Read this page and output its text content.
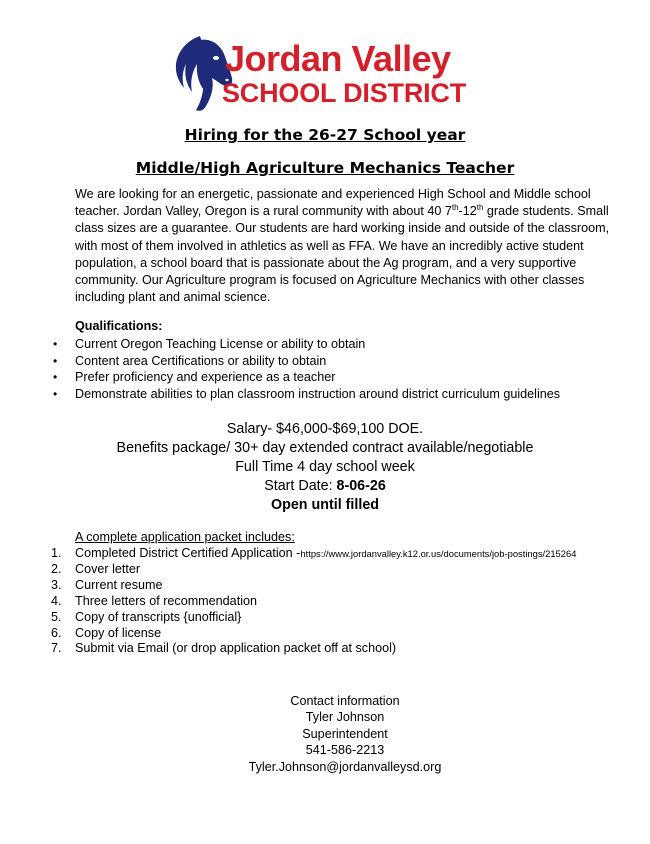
Jordan Valley
SCHOOL DISTRICT
Hiring for the 26-27 School year
Middle/High Agriculture Mechanics Teacher
We are looking for an energetic, passionate and experienced High School and Middle school teacher. Jordan Valley, Oregon is a rural community with about 40 7th-12th grade students. Small class sizes are a guarantee. Our students are hard working inside and outside of the classroom, with most of them involved in athletics as well as FFA. We have an incredibly active student population, a school board that is passionate about the Ag program, and a very supportive community. Our Agriculture program is focused on Agriculture Mechanics with other classes including plant and animal science.
Qualifications:
• Current Oregon Teaching License or ability to obtain
• Content area Certifications or ability to obtain
• Prefer proficiency and experience as a teacher
• Demonstrate abilities to plan classroom instruction around district curriculum guidelines
Salary- $46,000-$69,100 DOE.
Benefits package/ 30+ day extended contract available/negotiable
Full Time 4 day school week
Start Date: 8-06-26
Open until filled
A complete application packet includes:
1. Completed District Certified Application -https://www.jordanvalley.k12.or.us/documents/job-postings/215264
2. Cover letter
3. Current resume
4. Three letters of recommendation
5. Copy of transcripts {unofficial}
6. Copy of license
7. Submit via Email (or drop application packet off at school)
Contact information
Tyler Johnson
Superintendent
541-586-2213
Tyler.Johnson@jordanvalleysd.org
